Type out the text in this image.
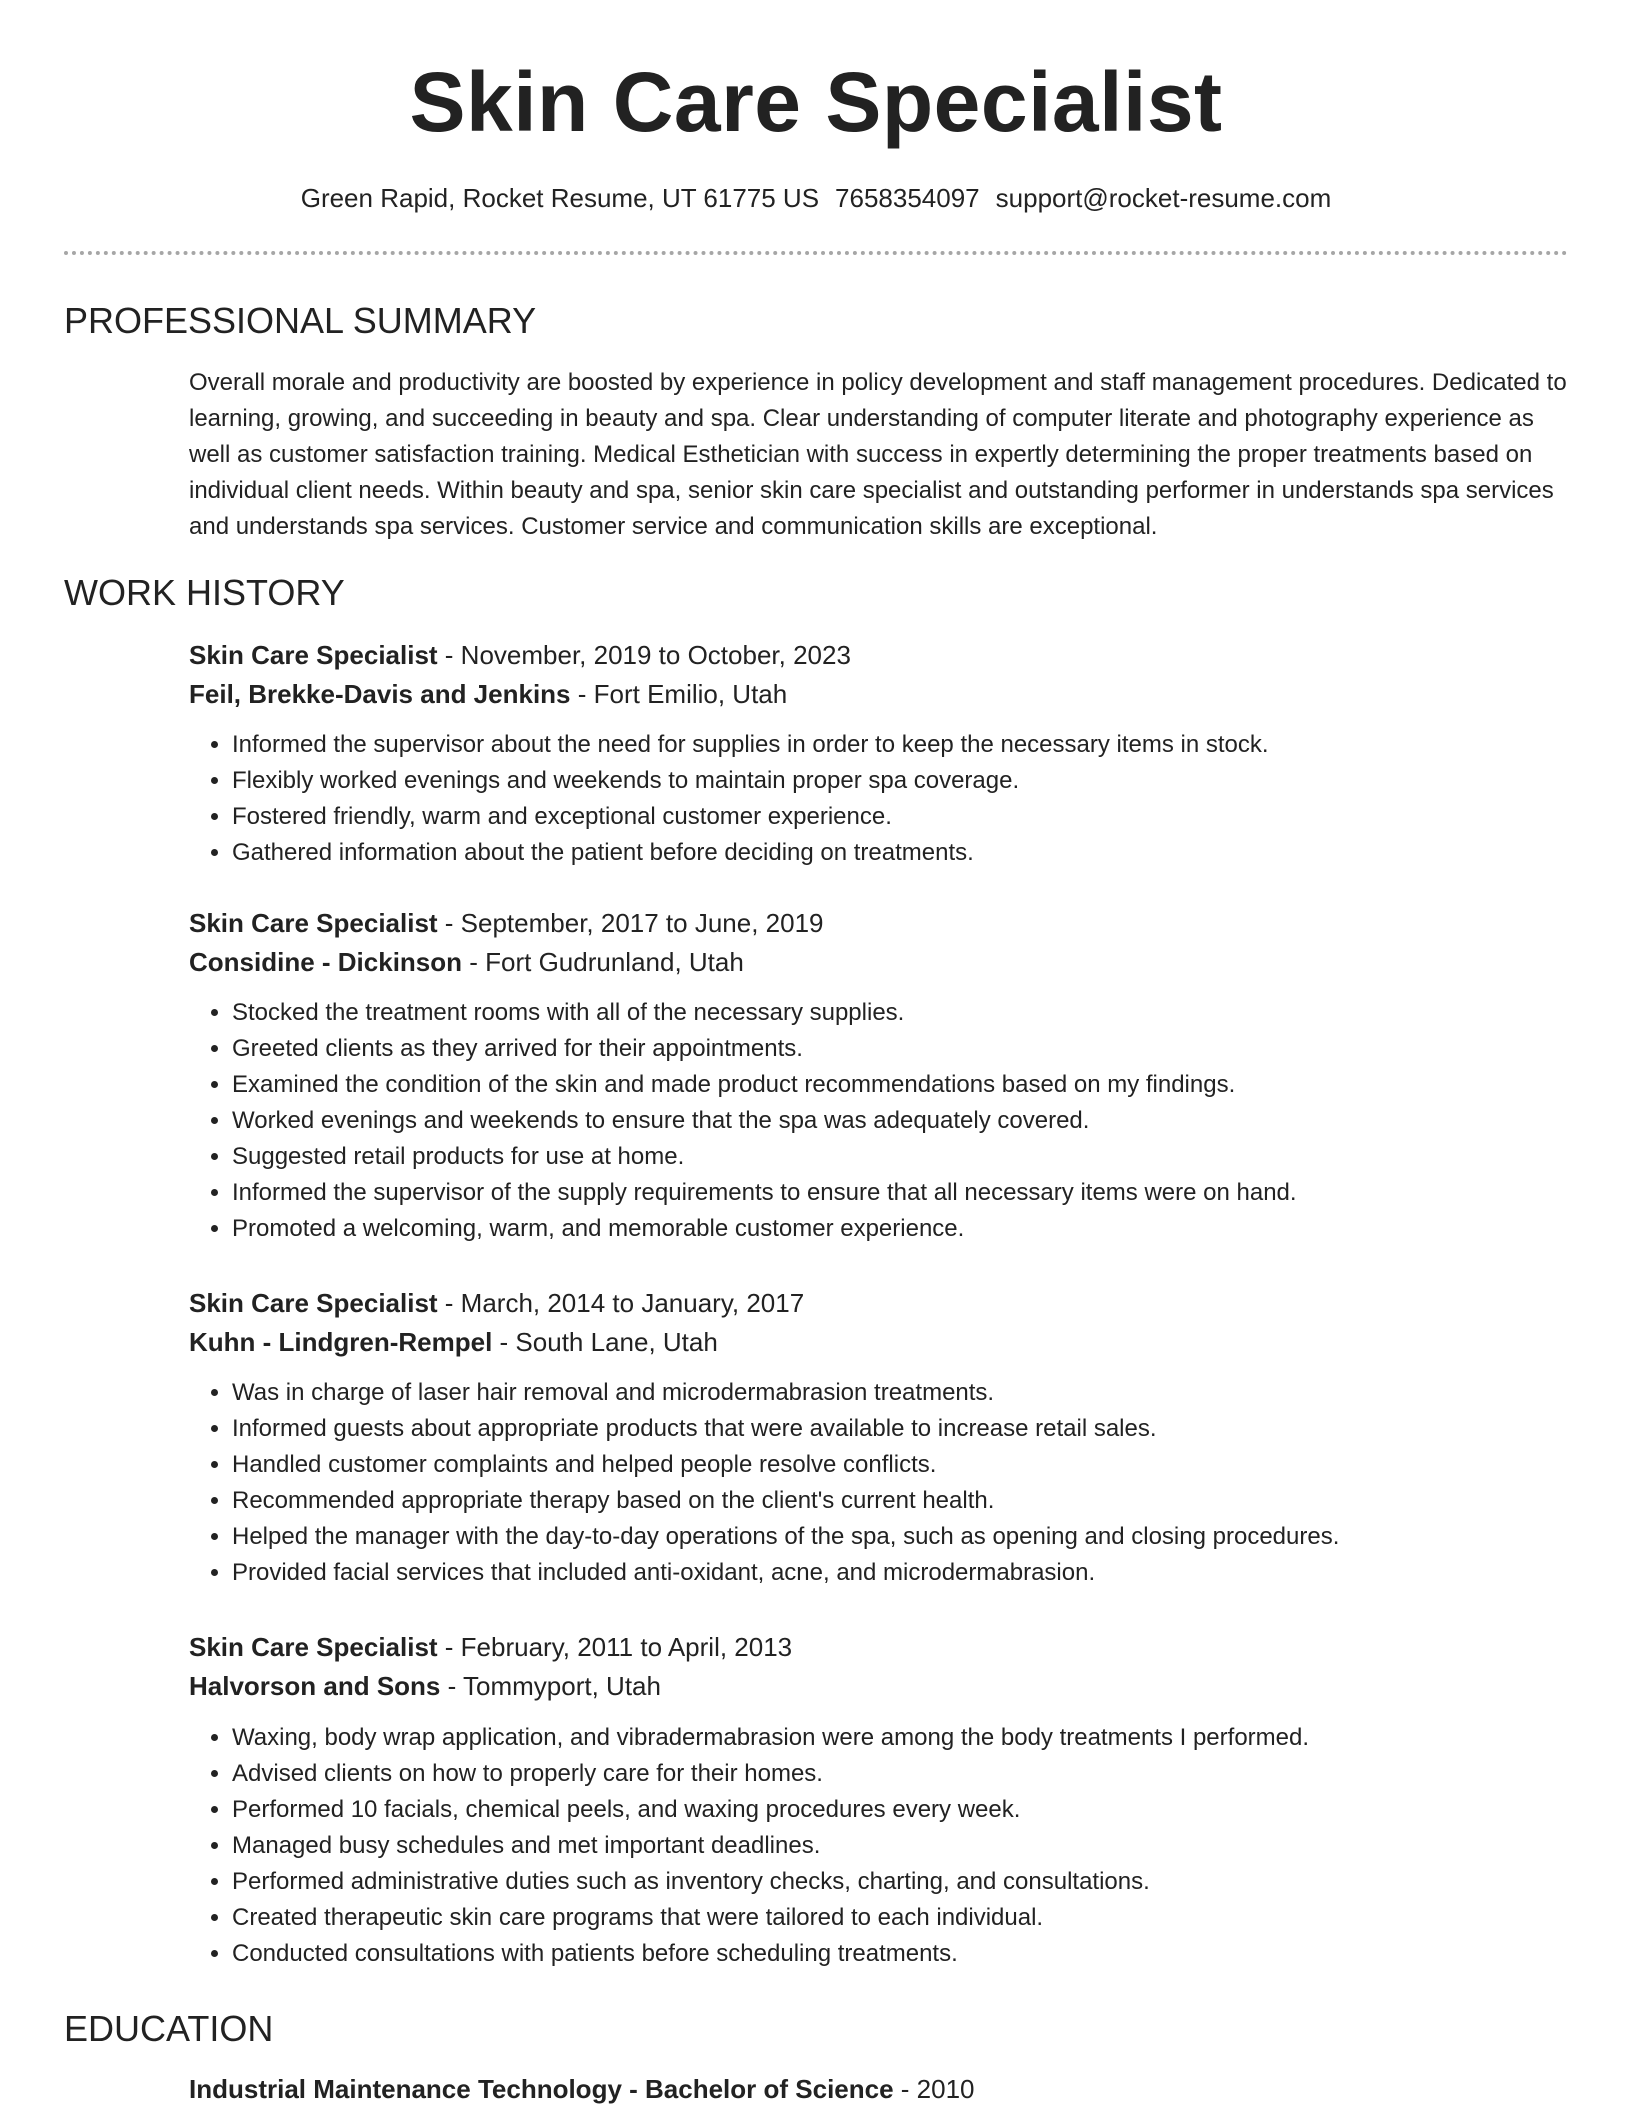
Skin Care Specialist
Green Rapid, Rocket Resume, UT 61775 US 7658354097 support@rocket-resume.com
PROFESSIONAL SUMMARY
Overall morale and productivity are boosted by experience in policy development and staff management procedures. Dedicated to learning, growing, and succeeding in beauty and spa. Clear understanding of computer literate and photography experience as well as customer satisfaction training. Medical Esthetician with success in expertly determining the proper treatments based on individual client needs. Within beauty and spa, senior skin care specialist and outstanding performer in understands spa services and understands spa services. Customer service and communication skills are exceptional.
WORK HISTORY
Skin Care Specialist - November, 2019 to October, 2023
Feil, Brekke-Davis and Jenkins - Fort Emilio, Utah
• Informed the supervisor about the need for supplies in order to keep the necessary items in stock.
• Flexibly worked evenings and weekends to maintain proper spa coverage.
• Fostered friendly, warm and exceptional customer experience.
• Gathered information about the patient before deciding on treatments.
Skin Care Specialist - September, 2017 to June, 2019
Considine - Dickinson - Fort Gudrunland, Utah
• Stocked the treatment rooms with all of the necessary supplies.
• Greeted clients as they arrived for their appointments.
• Examined the condition of the skin and made product recommendations based on my findings.
• Worked evenings and weekends to ensure that the spa was adequately covered.
• Suggested retail products for use at home.
• Informed the supervisor of the supply requirements to ensure that all necessary items were on hand.
• Promoted a welcoming, warm, and memorable customer experience.
Skin Care Specialist - March, 2014 to January, 2017
Kuhn - Lindgren-Rempel - South Lane, Utah
• Was in charge of laser hair removal and microdermabrasion treatments.
• Informed guests about appropriate products that were available to increase retail sales.
• Handled customer complaints and helped people resolve conflicts.
• Recommended appropriate therapy based on the client's current health.
• Helped the manager with the day-to-day operations of the spa, such as opening and closing procedures.
• Provided facial services that included anti-oxidant, acne, and microdermabrasion.
Skin Care Specialist - February, 2011 to April, 2013
Halvorson and Sons - Tommyport, Utah
• Waxing, body wrap application, and vibradermabrasion were among the body treatments I performed.
• Advised clients on how to properly care for their homes.
• Performed 10 facials, chemical peels, and waxing procedures every week.
• Managed busy schedules and met important deadlines.
• Performed administrative duties such as inventory checks, charting, and consultations.
• Created therapeutic skin care programs that were tailored to each individual.
• Conducted consultations with patients before scheduling treatments.
EDUCATION
Industrial Maintenance Technology - Bachelor of Science - 2010
